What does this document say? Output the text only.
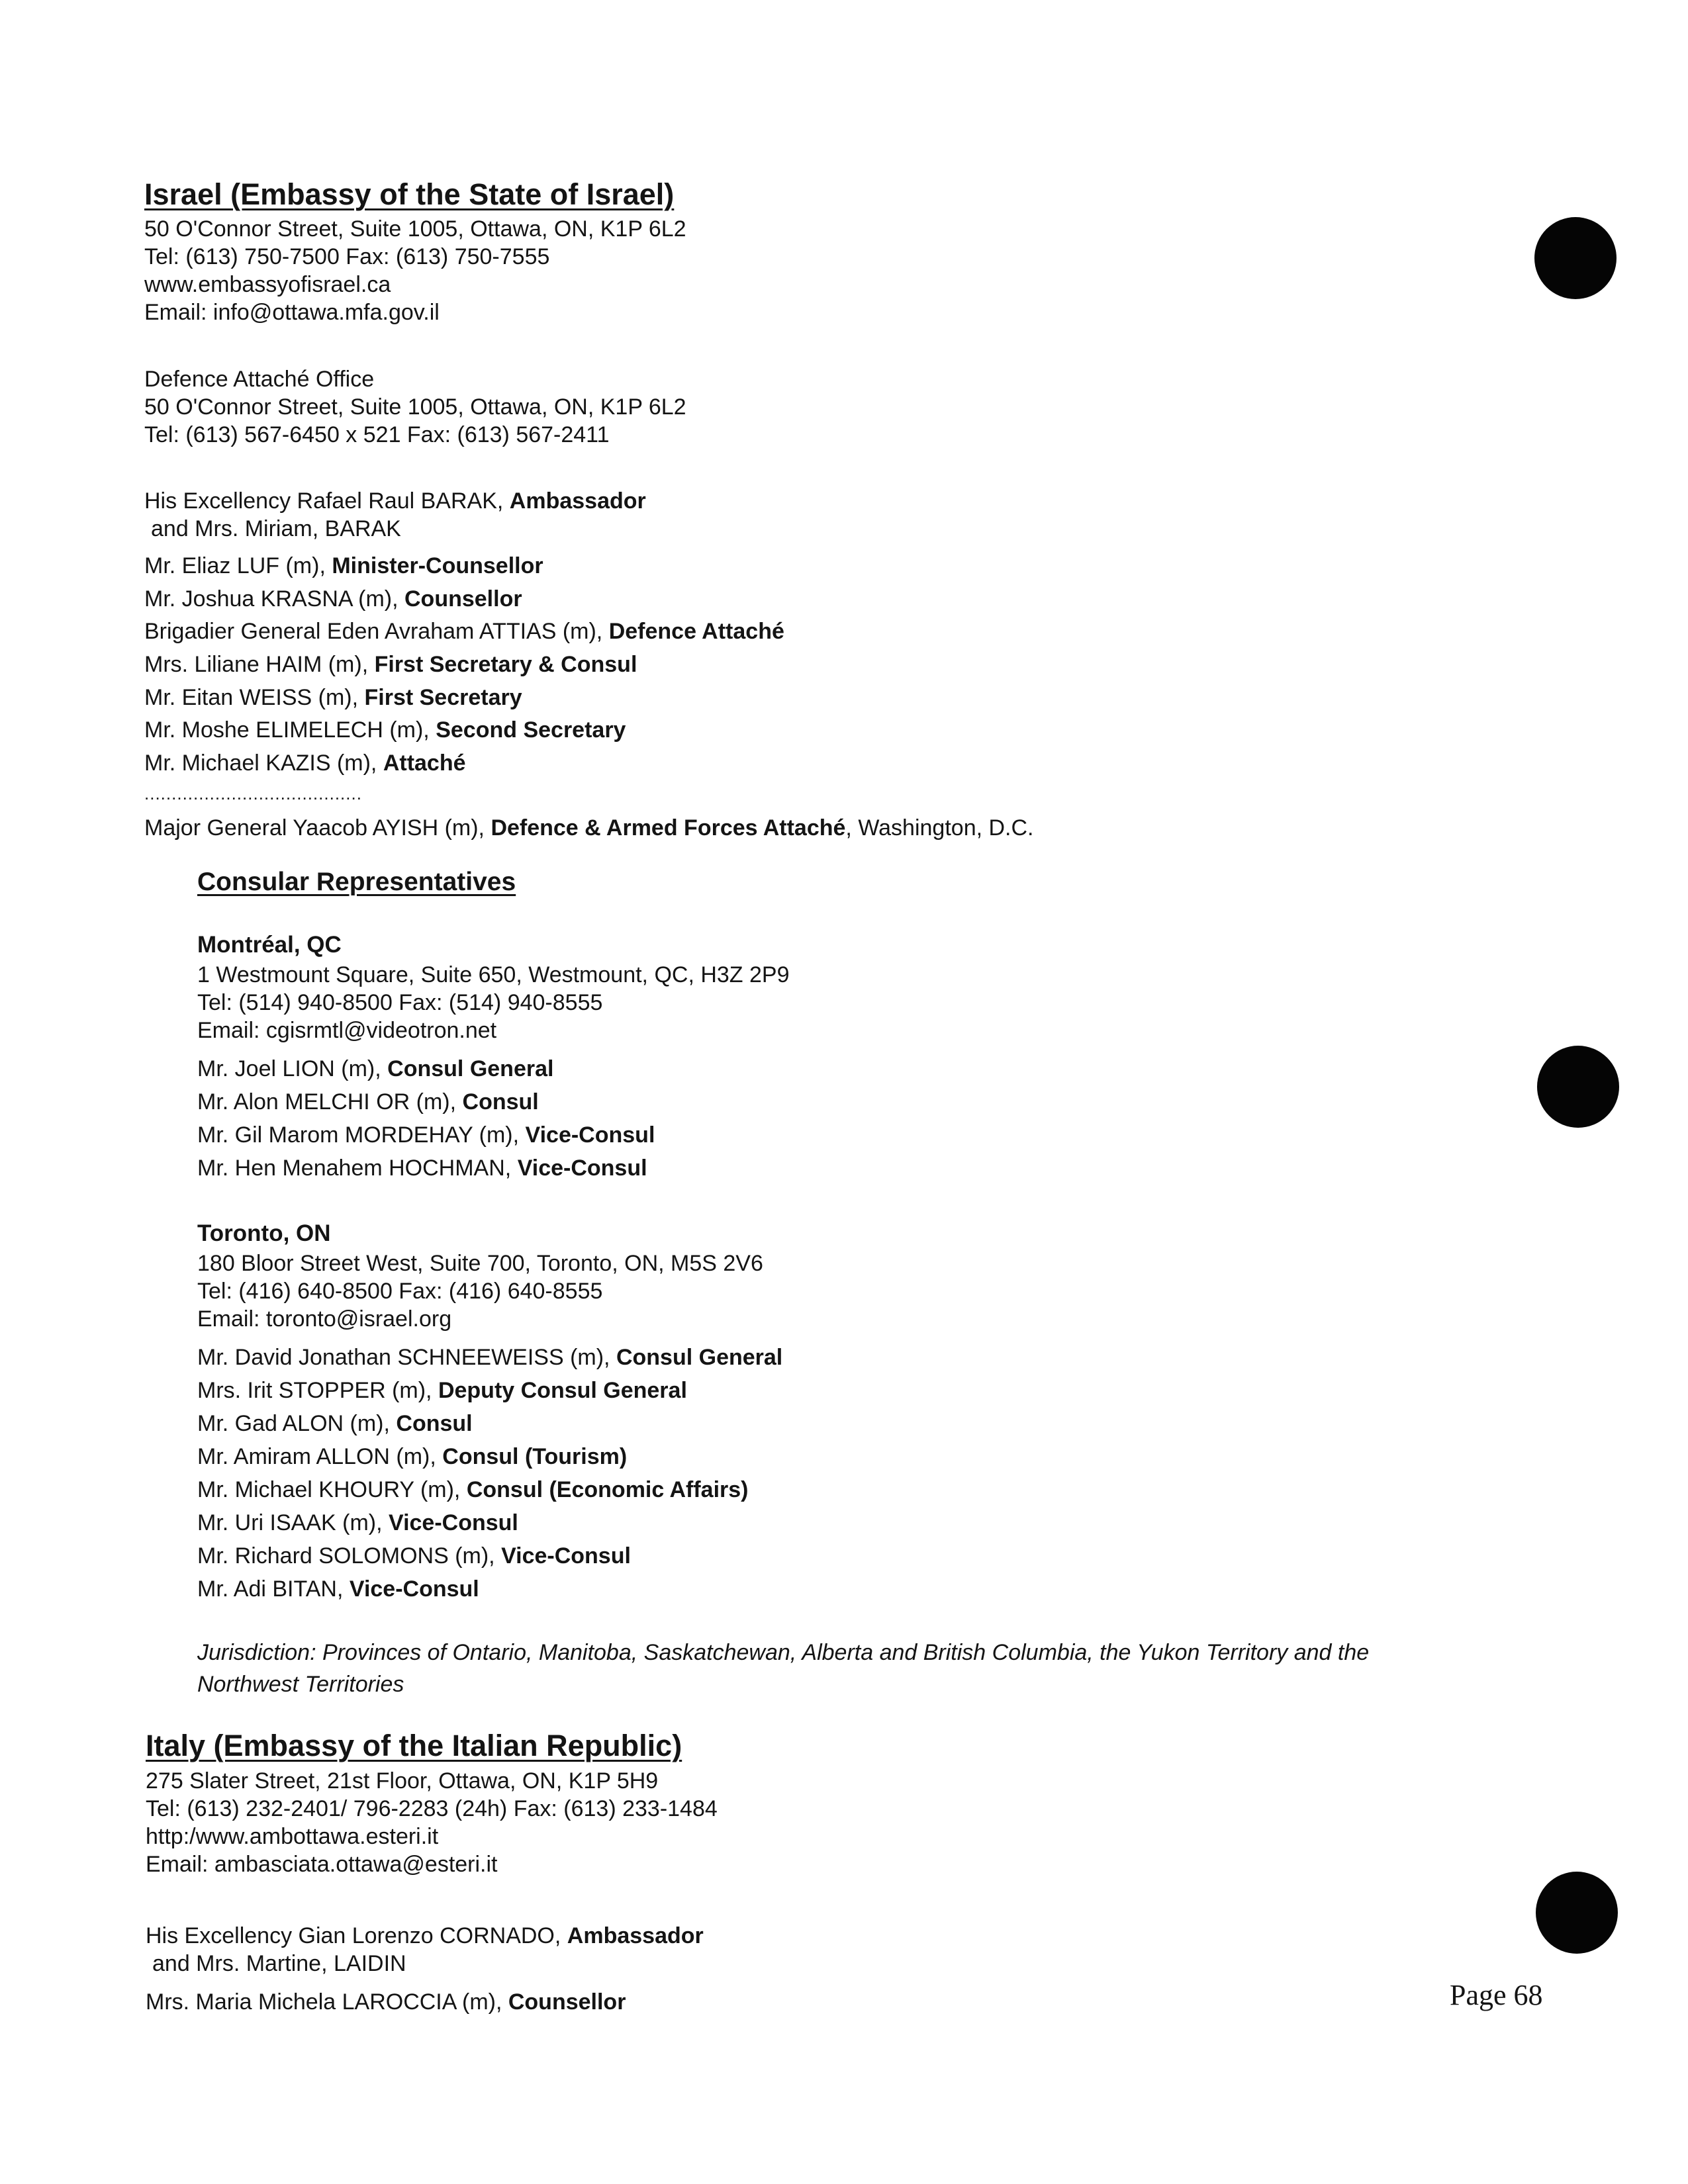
Israel (Embassy of the State of Israel)
50 O'Connor Street, Suite 1005, Ottawa, ON, K1P 6L2
Tel: (613) 750-7500 Fax: (613) 750-7555
www.embassyofisrael.ca
Email: info@ottawa.mfa.gov.il
Defence Attaché Office
50 O'Connor Street, Suite 1005, Ottawa, ON, K1P 6L2
Tel: (613) 567-6450 x 521 Fax: (613) 567-2411
His Excellency Rafael Raul BARAK, Ambassador
and Mrs. Miriam, BARAK
Mr. Eliaz LUF (m), Minister-Counsellor
Mr. Joshua KRASNA (m), Counsellor
Brigadier General Eden Avraham ATTIAS (m), Defence Attaché
Mrs. Liliane HAIM (m), First Secretary & Consul
Mr. Eitan WEISS (m), First Secretary
Mr. Moshe ELIMELECH (m), Second Secretary
Mr. Michael KAZIS (m), Attaché
........................................
Major General Yaacob AYISH (m), Defence & Armed Forces Attaché, Washington, D.C.
Consular Representatives
Montréal, QC
1 Westmount Square, Suite 650, Westmount, QC, H3Z 2P9
Tel: (514) 940-8500 Fax: (514) 940-8555
Email: cgisrmtl@videotron.net
Mr. Joel LION (m), Consul General
Mr. Alon MELCHI OR (m), Consul
Mr. Gil Marom MORDEHAY (m), Vice-Consul
Mr. Hen Menahem HOCHMAN, Vice-Consul
Toronto, ON
180 Bloor Street West, Suite 700, Toronto, ON, M5S 2V6
Tel: (416) 640-8500 Fax: (416) 640-8555
Email: toronto@israel.org
Mr. David Jonathan SCHNEEWEISS (m), Consul General
Mrs. Irit STOPPER (m), Deputy Consul General
Mr. Gad ALON (m), Consul
Mr. Amiram ALLON (m), Consul (Tourism)
Mr. Michael KHOURY (m), Consul (Economic Affairs)
Mr. Uri ISAAK (m), Vice-Consul
Mr. Richard SOLOMONS (m), Vice-Consul
Mr. Adi BITAN, Vice-Consul
Jurisdiction: Provinces of Ontario, Manitoba, Saskatchewan, Alberta and British Columbia, the Yukon Territory and the
Northwest Territories
Italy (Embassy of the Italian Republic)
275 Slater Street, 21st Floor, Ottawa, ON, K1P 5H9
Tel: (613) 232-2401/ 796-2283 (24h) Fax: (613) 233-1484
http:/www.ambottawa.esteri.it
Email: ambasciata.ottawa@esteri.it
His Excellency Gian Lorenzo CORNADO, Ambassador
and Mrs. Martine, LAIDIN
Mrs. Maria Michela LAROCCIA (m), Counsellor	Page 68
